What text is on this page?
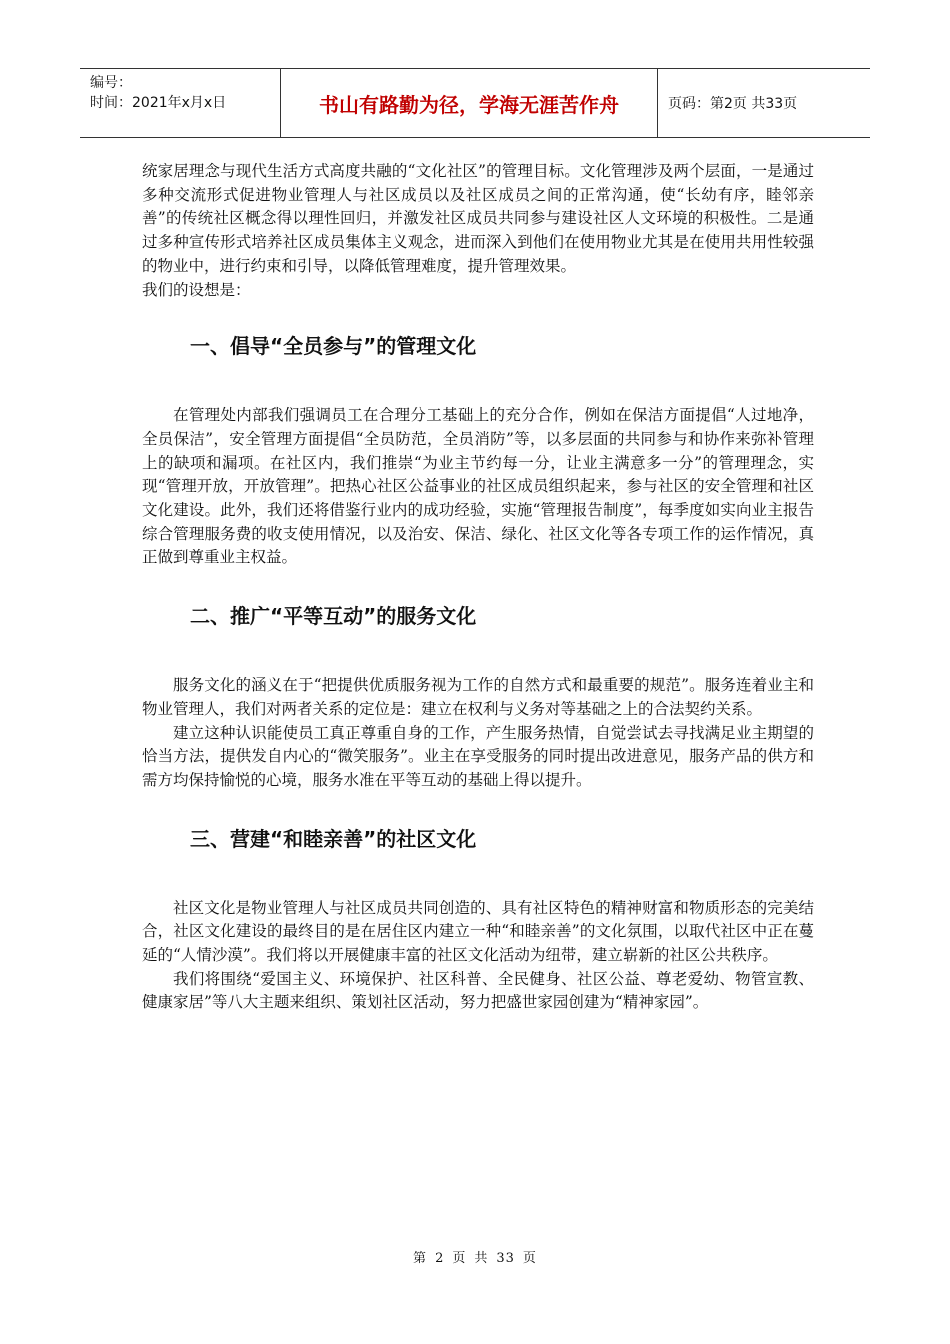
编号：
时间：2021年x月x日	书山有路勤为径，学海无涯苦作舟	页码：第2页 共33页

统家居理念与现代生活方式高度共融的“文化社区”的管理目标。文化管理涉及两个层面，一是通过多种交流形式促进物业管理人与社区成员以及社区成员之间的正常沟通，使“长幼有序，睦邻亲善”的传统社区概念得以理性回归，并激发社区成员共同参与建设社区人文环境的积极性。二是通过多种宣传形式培养社区成员集体主义观念，进而深入到他们在使用物业尤其是在使用共用性较强的物业中，进行约束和引导，以降低管理难度，提升管理效果。

我们的设想是：

一、倡导“全员参与”的管理文化

在管理处内部我们强调员工在合理分工基础上的充分合作，例如在保洁方面提倡“人过地净，全员保洁”，安全管理方面提倡“全员防范，全员消防”等，以多层面的共同参与和协作来弥补管理上的缺项和漏项。在社区内，我们推崇“为业主节约每一分，让业主满意多一分”的管理理念，实现“管理开放，开放管理”。把热心社区公益事业的社区成员组织起来，参与社区的安全管理和社区文化建设。此外，我们还将借鉴行业内的成功经验，实施“管理报告制度”，每季度如实向业主报告综合管理服务费的收支使用情况，以及治安、保洁、绿化、社区文化等各专项工作的运作情况，真正做到尊重业主权益。

二、推广“平等互动”的服务文化

服务文化的涵义在于“把提供优质服务视为工作的自然方式和最重要的规范”。服务连着业主和物业管理人，我们对两者关系的定位是：建立在权利与义务对等基础之上的合法契约关系。

建立这种认识能使员工真正尊重自身的工作，产生服务热情，自觉尝试去寻找满足业主期望的恰当方法，提供发自内心的“微笑服务”。业主在享受服务的同时提出改进意见，服务产品的供方和需方均保持愉悦的心境，服务水准在平等互动的基础上得以提升。

三、营建“和睦亲善”的社区文化

社区文化是物业管理人与社区成员共同创造的、具有社区特色的精神财富和物质形态的完美结合，社区文化建设的最终目的是在居住区内建立一种“和睦亲善”的文化氛围，以取代社区中正在蔓延的“人情沙漠”。我们将以开展健康丰富的社区文化活动为纽带，建立崭新的社区公共秩序。

我们将围绕“爱国主义、环境保护、社区科普、全民健身、社区公益、尊老爱幼、物管宣教、健康家居”等八大主题来组织、策划社区活动，努力把盛世家园创建为“精神家园”。

第 2 页 共 33 页
